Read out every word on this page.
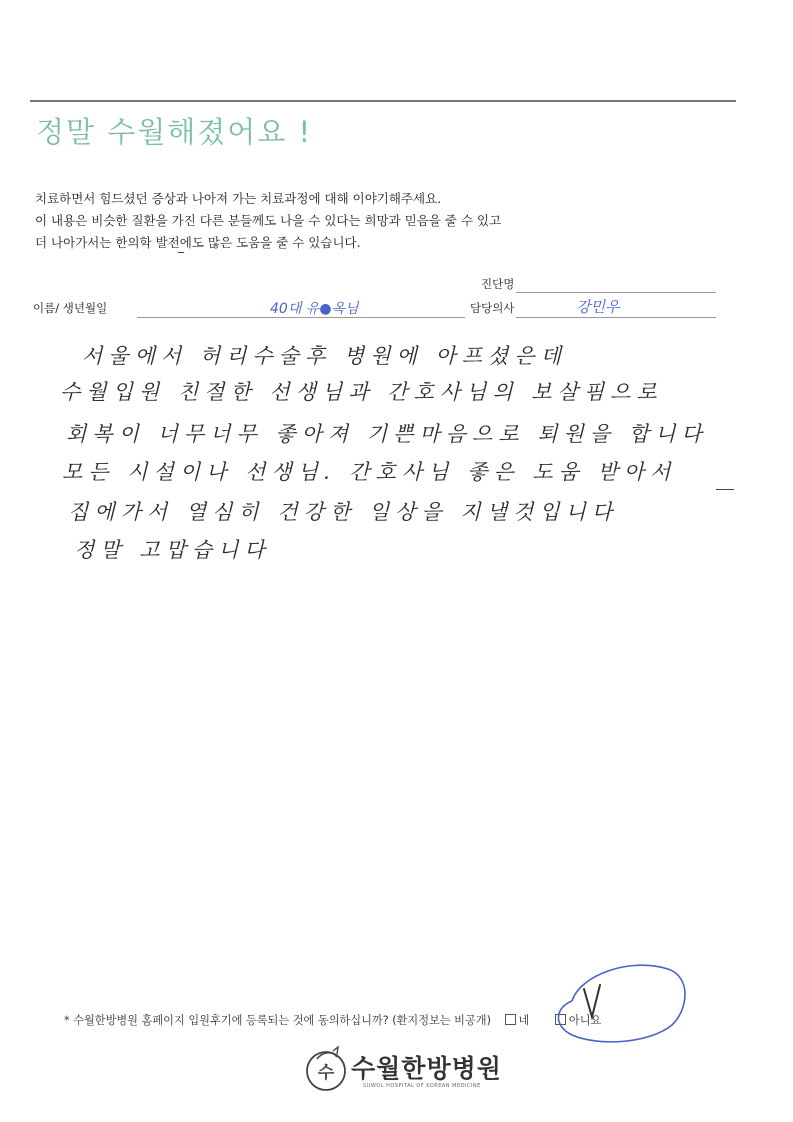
정말 수월해졌어요 !
치료하면서 힘드셨던 증상과 나아져 가는 치료과정에 대해 이야기해주세요.
이 내용은 비슷한 질환을 가진 다른 분들께도 나을 수 있다는 희망과 믿음을 줄 수 있고
더 나아가서는 한의학 발전에도 많은 도움을 줄 수 있습니다.
진단명
이름/ 생년월일	40대 유●옥님	담당의사	강민우
서울에서 허리수술후 병원에 아프셨은데
수월입원 친절한 선생님과 간호사님의 보살핌으로
회복이 너무너무 좋아져 기쁜마음으로 퇴원을 합니다
모든 시설이나 선생님. 간호사님 좋은 도움 받아서
집에가서 열심히 건강한 일상을 지낼것입니다
정말 고맙습니다
* 수월한방병원 홈페이지 입원후기에 등록되는 것에 동의하십니까? (환지정보는 비공개) 네	아니요
수 수월한방병원
SUWOL HOSPITAL OF KOREAN MEDICINE
